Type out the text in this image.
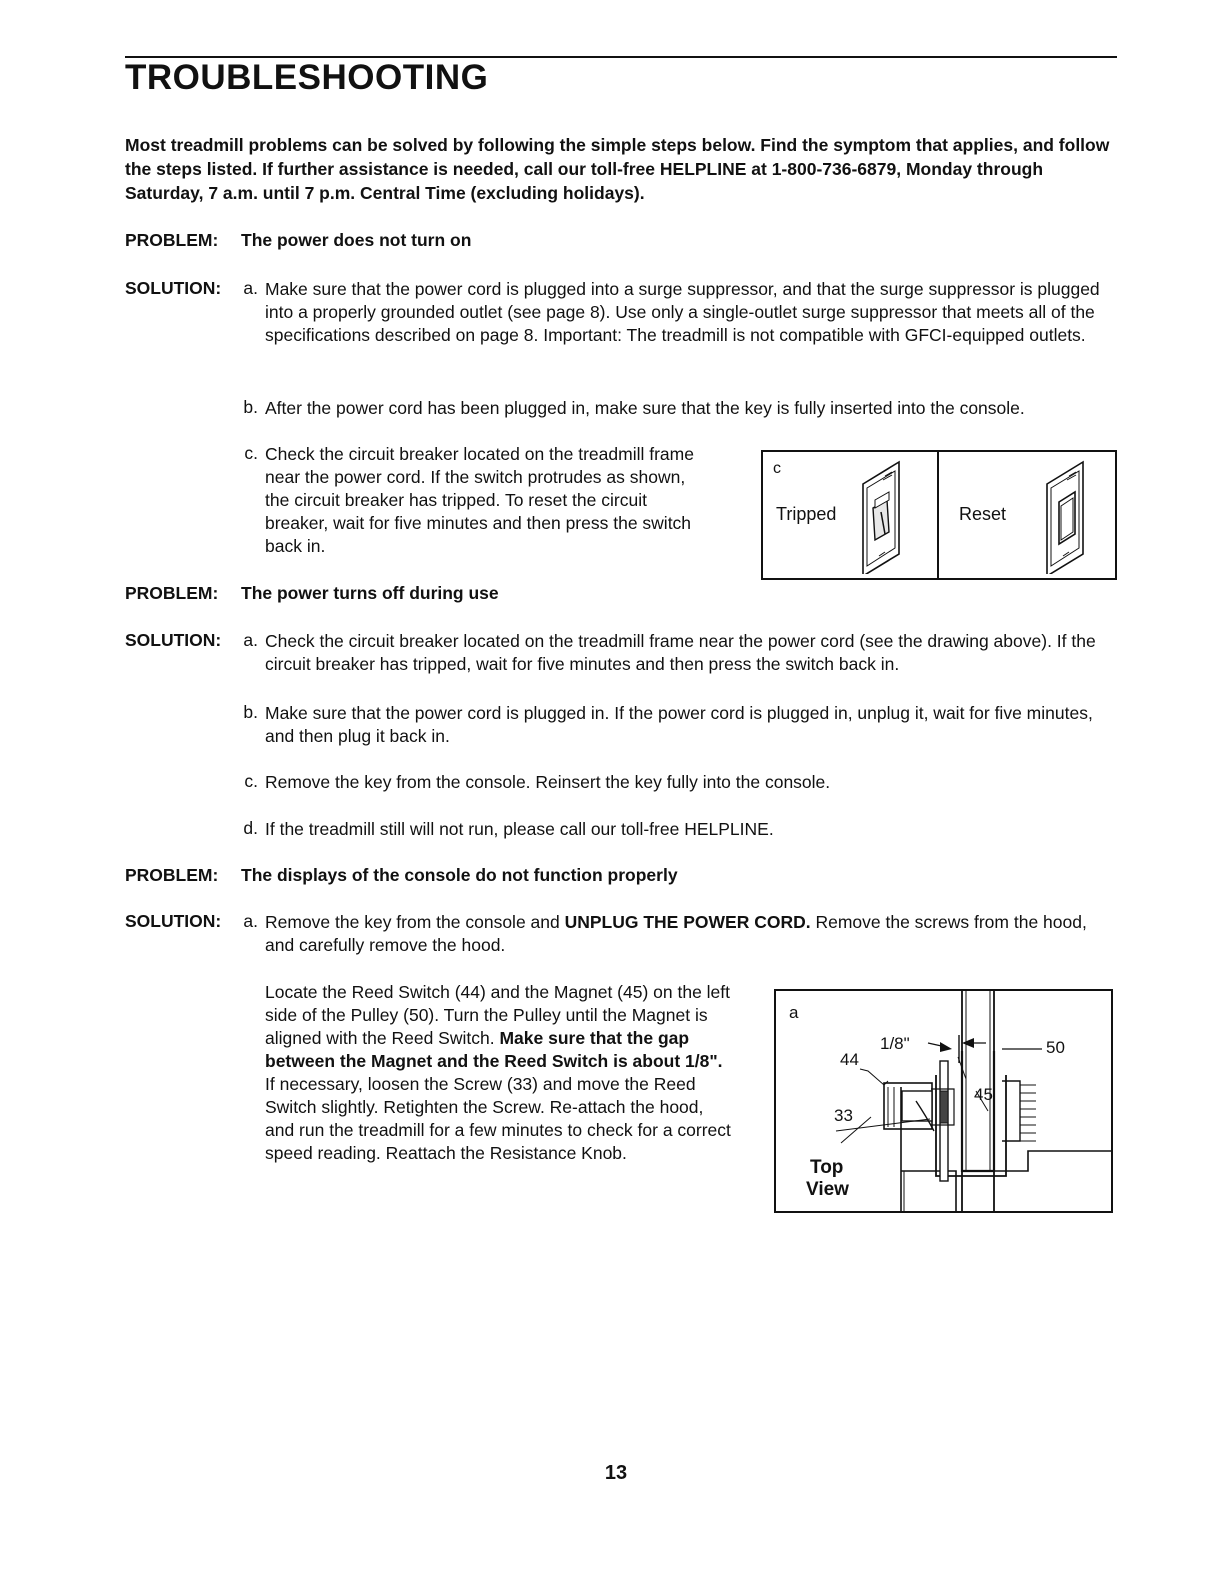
TROUBLESHOOTING

Most treadmill problems can be solved by following the simple steps below. Find the symptom that applies, and follow the steps listed. If further assistance is needed, call our toll-free HELPLINE at 1-800-736-6879, Monday through Saturday, 7 a.m. until 7 p.m. Central Time (excluding holidays).

PROBLEM: The power does not turn on
SOLUTION:	a. Make sure that the power cord is plugged into a surge suppressor, and that the surge suppressor is plugged into a properly grounded outlet (see page 8). Use only a single-outlet surge suppressor that meets all of the specifications described on page 8. Important: The treadmill is not compatible with GFCI-equipped outlets.

b. After the power cord has been plugged in, make sure that the key is fully inserted into the console.

c. Check the circuit breaker located on the treadmill frame near the power cord. If the switch protrudes as shown, the circuit breaker has tripped. To reset the circuit breaker, wait for five minutes and then press the switch back in.

c
Tripped	Reset
PROBLEM: The power turns off during use
SOLUTION:	a. Check the circuit breaker located on the treadmill frame near the power cord (see the drawing above). If the circuit breaker has tripped, wait for five minutes and then press the switch back in.

b. Make sure that the power cord is plugged in. If the power cord is plugged in, unplug it, wait for five minutes, and then plug it back in.

c. Remove the key from the console. Reinsert the key fully into the console.

d. If the treadmill still will not run, please call our toll-free HELPLINE.

PROBLEM: The displays of the console do not function properly
SOLUTION:	a. Remove the key from the console and UNPLUG THE POWER CORD. Remove the screws from the hood, and carefully remove the hood.

Locate the Reed Switch (44) and the Magnet (45) on the left side of the Pulley (50). Turn the Pulley until the Magnet is aligned with the Reed Switch. Make sure that the gap between the Magnet and the Reed Switch is about 1/8". If necessary, loosen the Screw (33) and move the Reed Switch slightly. Retighten the Screw. Re-attach the hood, and run the treadmill for a few minutes to check for a correct speed reading. Reattach the Resistance Knob.

a
1/8"	50
44
45
33
Top
View
13
